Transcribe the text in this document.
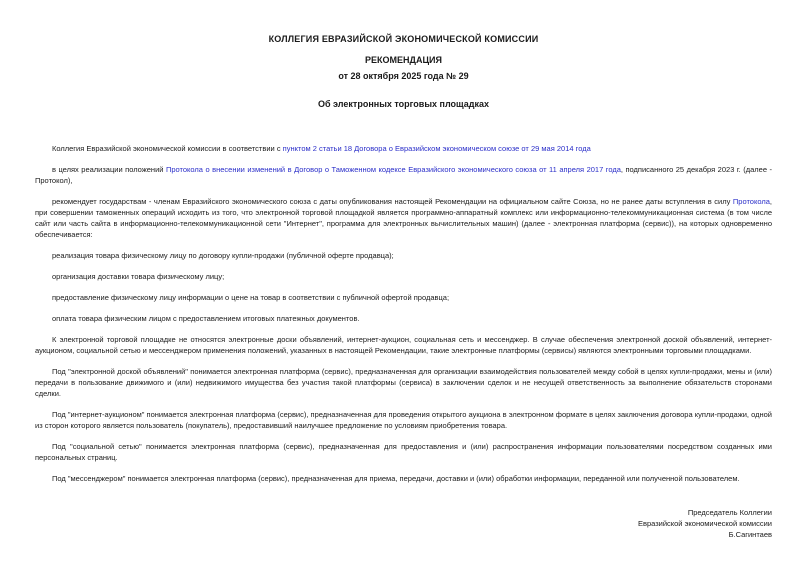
КОЛЛЕГИЯ ЕВРАЗИЙСКОЙ ЭКОНОМИЧЕСКОЙ КОМИССИИ
РЕКОМЕНДАЦИЯ
от 28 октября 2025 года № 29
Об электронных торговых площадках

Коллегия Евразийской экономической комиссии в соответствии с пунктом 2 статьи 18 Договора о Евразийском экономическом союзе от 29 мая 2014 года

в целях реализации положений Протокола о внесении изменений в Договор о Таможенном кодексе Евразийского экономического союза от 11 апреля 2017 года, подписанного 25 декабря 2023 г. (далее - Протокол),

рекомендует государствам - членам Евразийского экономического союза с даты опубликования настоящей Рекомендации на официальном сайте Союза, но не ранее даты вступления в силу Протокола, при совершении таможенных операций исходить из того, что электронной торговой площадкой является программно-аппаратный комплекс или информационно-телекоммуникационная система (в том числе сайт или часть сайта в информационно-телекоммуникационной сети "Интернет", программа для электронных вычислительных машин) (далее - электронная платформа (сервис)), на которых одновременно обеспечивается:

реализация товара физическому лицу по договору купли-продажи (публичной оферте продавца);

организация доставки товара физическому лицу;

предоставление физическому лицу информации о цене на товар в соответствии с публичной офертой продавца;

оплата товара физическим лицом с предоставлением итоговых платежных документов.

К электронной торговой площадке не относятся электронные доски объявлений, интернет-аукцион, социальная сеть и мессенджер. В случае обеспечения электронной доской объявлений, интернет-аукционом, социальной сетью и мессенджером применения положений, указанных в настоящей Рекомендации, такие электронные платформы (сервисы) являются электронными торговыми площадками.

Под "электронной доской объявлений" понимается электронная платформа (сервис), предназначенная для организации взаимодействия пользователей между собой в целях купли-продажи, мены и (или) передачи в пользование движимого и (или) недвижимого имущества без участия такой платформы (сервиса) в заключении сделок и не несущей ответственность за выполнение обязательств сторонами сделки.

Под "интернет-аукционом" понимается электронная платформа (сервис), предназначенная для проведения открытого аукциона в электронном формате в целях заключения договора купли-продажи, одной из сторон которого является пользователь (покупатель), предоставивший наилучшее предложение по условиям приобретения товара.

Под "социальной сетью" понимается электронная платформа (сервис), предназначенная для предоставления и (или) распространения информации пользователями посредством созданных ими персональных страниц.

Под "мессенджером" понимается электронная платформа (сервис), предназначенная для приема, передачи, доставки и (или) обработки информации, переданной или полученной пользователем.

Председатель Коллегии
Евразийской экономической комиссии
Б.Сагинтаев
